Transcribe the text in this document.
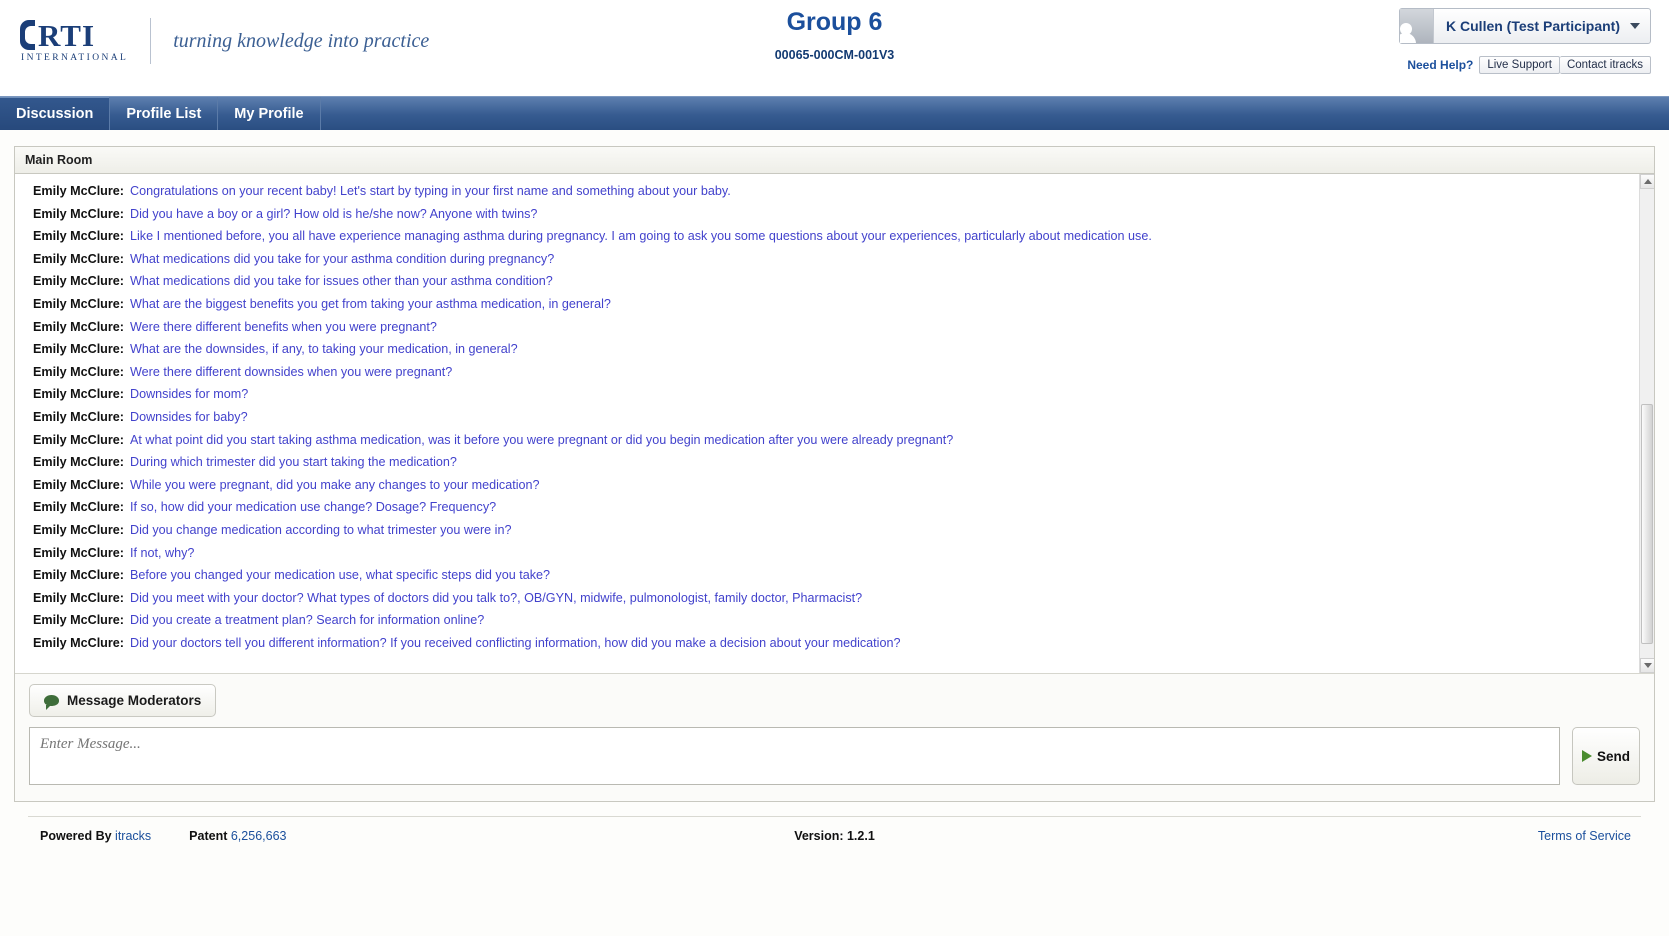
RTI
INTERNATIONAL
turning knowledge into practice
Group 6
00065-000CM-001V3
K Cullen (Test Participant)
Need Help?	Live Support	Contact itracks
Discussion	Profile List	My Profile
Main Room
Emily McClure: Congratulations on your recent baby! Let's start by typing in your first name and something about your baby.
Emily McClure: Did you have a boy or a girl? How old is he/she now? Anyone with twins?
Emily McClure: Like I mentioned before, you all have experience managing asthma during pregnancy. I am going to ask you some questions about your experiences, particularly about medication use.
Emily McClure: What medications did you take for your asthma condition during pregnancy?
Emily McClure: What medications did you take for issues other than your asthma condition?
Emily McClure: What are the biggest benefits you get from taking your asthma medication, in general?
Emily McClure: Were there different benefits when you were pregnant?
Emily McClure: What are the downsides, if any, to taking your medication, in general?
Emily McClure: Were there different downsides when you were pregnant?
Emily McClure: Downsides for mom?
Emily McClure: Downsides for baby?
Emily McClure: At what point did you start taking asthma medication, was it before you were pregnant or did you begin medication after you were already pregnant?
Emily McClure: During which trimester did you start taking the medication?
Emily McClure: While you were pregnant, did you make any changes to your medication?
Emily McClure: If so, how did your medication use change? Dosage? Frequency?
Emily McClure: Did you change medication according to what trimester you were in?
Emily McClure: If not, why?
Emily McClure: Before you changed your medication use, what specific steps did you take?
Emily McClure: Did you meet with your doctor? What types of doctors did you talk to?, OB/GYN, midwife, pulmonologist, family doctor, Pharmacist?
Emily McClure: Did you create a treatment plan? Search for information online?
Emily McClure: Did your doctors tell you different information? If you received conflicting information, how did you make a decision about your medication?
Message Moderators
Enter Message...
Send
Powered By itracks	Patent 6,256,663	Version: 1.2.1	Terms of Service
